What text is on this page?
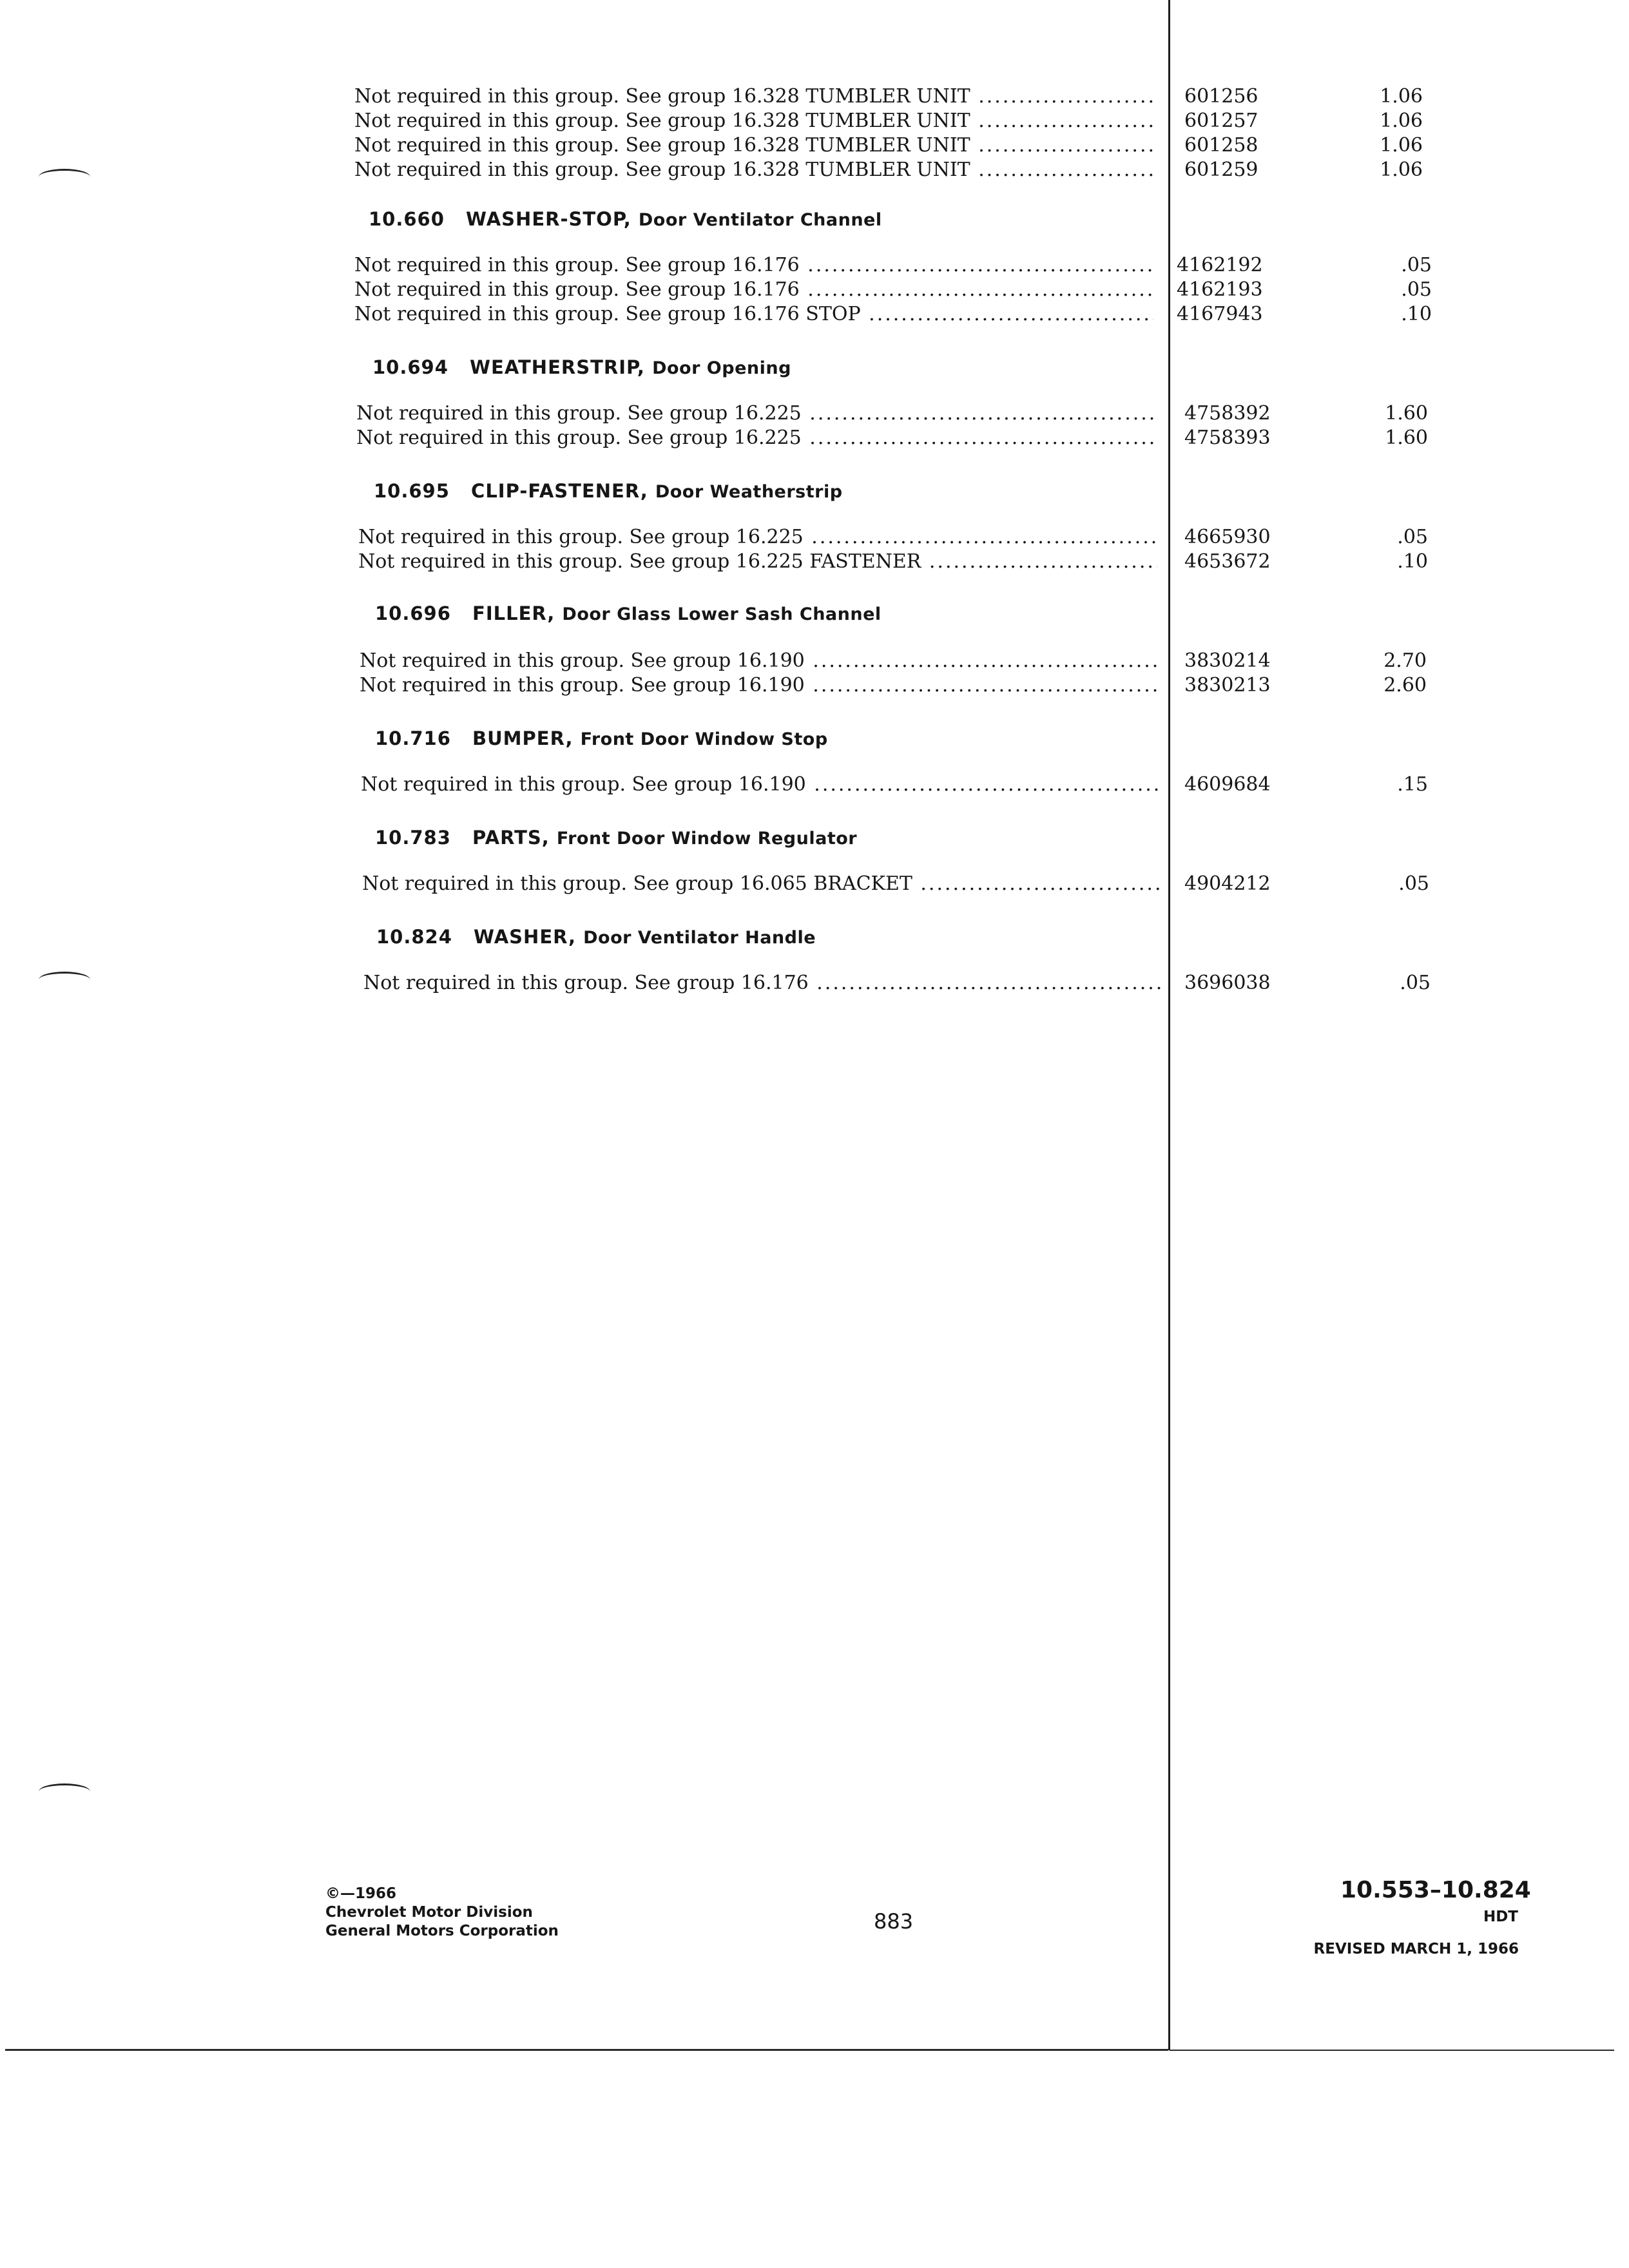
Not required in this group. See group 16.328 TUMBLER UNIT .....	601256	1.06
Not required in this group. See group 16.328 TUMBLER UNIT .....	601257	1.06
Not required in this group. See group 16.328 TUMBLER UNIT .....	601258	1.06
Not required in this group. See group 16.328 TUMBLER UNIT .....	601259	1.06
10.660 WASHER-STOP, Door Ventilator Channel
Not required in this group. See group 16.176 .....	4162192	.05
Not required in this group. See group 16.176 .....	4162193	.05
Not required in this group. See group 16.176 STOP .....	4167943	.10
10.694 WEATHERSTRIP, Door Opening
Not required in this group. See group 16.225 .....	4758392	1.60
Not required in this group. See group 16.225 .....	4758393	1.60
10.695 CLIP-FASTENER, Door Weatherstrip
Not required in this group. See group 16.225 .....	4665930	.05
Not required in this group. See group 16.225 FASTENER .....	4653672	.10
10.696 FILLER, Door Glass Lower Sash Channel
Not required in this group. See group 16.190 .....	3830214	2.70
Not required in this group. See group 16.190 .....	3830213	2.60
10.716 BUMPER, Front Door Window Stop
Not required in this group. See group 16.190 .....	4609684	.15
10.783 PARTS, Front Door Window Regulator
Not required in this group. See group 16.065 BRACKET .....	4904212	.05
10.824 WASHER, Door Ventilator Handle
Not required in this group. See group 16.176 .....	3696038	.05
©—1966
Chevrolet Motor Division
General Motors Corporation	883
10.553–10.824
HDT
REVISED MARCH 1, 1966
